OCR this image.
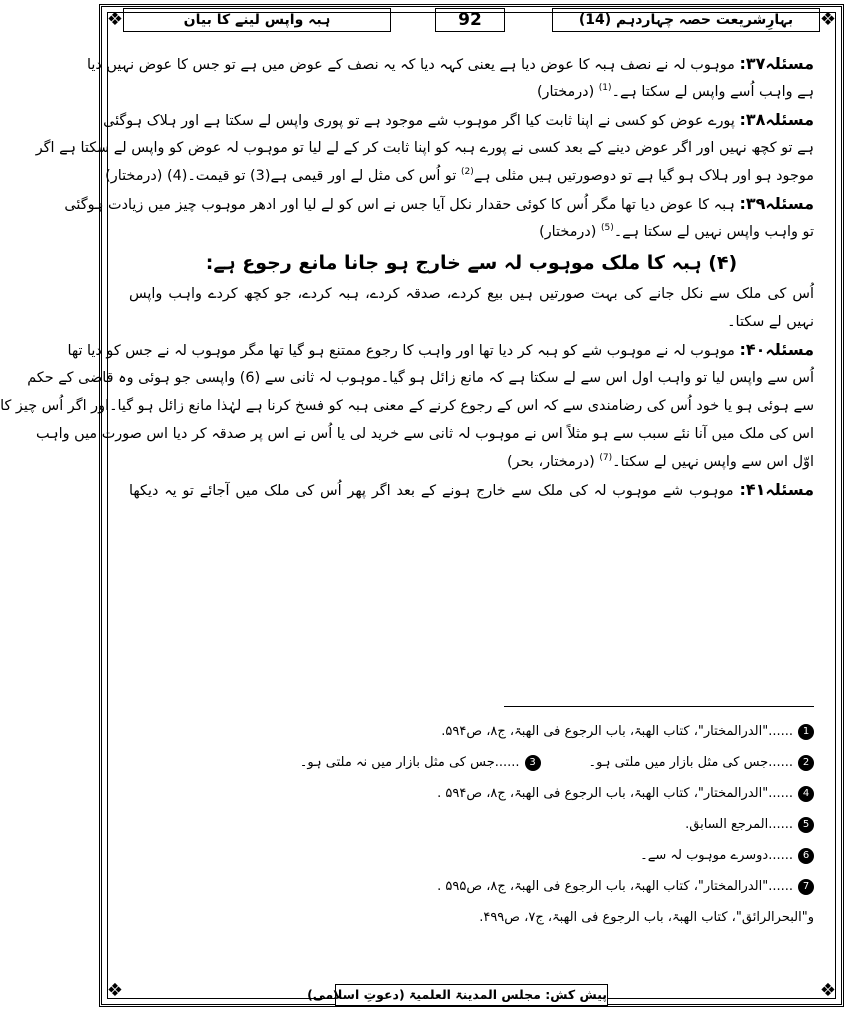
❖	❖
❖	❖
بہارِشریعت حصہ چہاردہم (14)
92
ہبہ واپس لینے کا بیان
مسئلہ۳۷: موہوب لہ نے نصف ہبہ کا عوض دیا ہے یعنی کہہ دیا کہ یہ نصف کے عوض میں ہے تو جس کا عوض نہیں دیا
ہے واہب اُسے واپس لے سکتا ہے۔$^{(1)}$ (درمختار)
مسئلہ۳۸: پورے عوض کو کسی نے اپنا ثابت کیا اگر موہوب شے موجود ہے تو پوری واپس لے سکتا ہے اور ہلاک ہوگئی
ہے تو کچھ نہیں اور اگر عوض دینے کے بعد کسی نے پورے ہبہ کو اپنا ثابت کر کے لے لیا تو موہوب لہ عوض کو واپس لے سکتا ہے اگر
موجود ہو اور ہلاک ہو گیا ہے تو دوصورتیں ہیں مثلی ہے$^{(2)}$ تو اُس کی مثل لے اور قیمی ہے(3) تو قیمت۔(4) (درمختار)
مسئلہ۳۹: ہبہ کا عوض دیا تھا مگر اُس کا کوئی حقدار نکل آیا جس نے اس کو لے لیا اور ادھر موہوب چیز میں زیادت ہوگئی
تو واہب واپس نہیں لے سکتا ہے۔$^{(5)}$ (درمختار)
(۴) ہبہ کا ملک موہوب لہ سے خارج ہو جانا مانع رجوع ہے:
اُس کی ملک سے نکل جانے کی بہت صورتیں ہیں بیع کردے، صدقہ کردے، ہبہ کردے، جو کچھ کردے واہب واپس
نہیں لے سکتا۔
مسئلہ۴۰: موہوب لہ نے موہوب شے کو ہبہ کر دیا تھا اور واہب کا رجوع ممتنع ہو گیا تھا مگر موہوب لہ نے جس کو دیا تھا
اُس سے واپس لیا تو واہب اول اس سے لے سکتا ہے کہ مانع زائل ہو گیا۔موہوب لہ ثانی سے (6) واپسی جو ہوئی وہ قاضی کے حکم
سے ہوئی ہو یا خود اُس کی رضامندی سے کہ اس کے رجوع کرنے کے معنی ہبہ کو فسخ کرنا ہے لہٰذا مانع زائل ہو گیا۔اور اگر اُس چیز کا
اس کی ملک میں آنا نئے سبب سے ہو مثلاً اس نے موہوب لہ ثانی سے خرید لی یا اُس نے اس پر صدقہ کر دیا اس صورت میں واہب
اوّل اس سے واپس نہیں لے سکتا۔$^{(7)}$ (درمختار، بحر)
مسئلہ۴۱: موہوب شے موہوب لہ کی ملک سے خارج ہونے کے بعد اگر پھر اُس کی ملک میں آجائے تو یہ دیکھا
1......"الدرالمختار"، کتاب الھبۃ، باب الرجوع فی الھبۃ، ج۸، ص۵۹۴.
2......جس کی مثل بازار میں ملتی ہو۔3......جس کی مثل بازار میں نہ ملتی ہو۔
4......"الدرالمختار"، کتاب الھبۃ، باب الرجوع فی الھبۃ، ج۸، ص۵۹۴ .
5......المرجع السابق.
6......دوسرے موہوب لہ سے۔
7......"الدرالمختار"، کتاب الھبۃ، باب الرجوع فی الھبۃ، ج۸، ص۵۹۵ .
و"البحرالرائق"، کتاب الھبۃ، باب الرجوع فی الھبۃ، ج۷، ص۴۹۹.
پیش کش: مجلس المدینۃ العلمیۃ (دعوتِ اسلامی)
